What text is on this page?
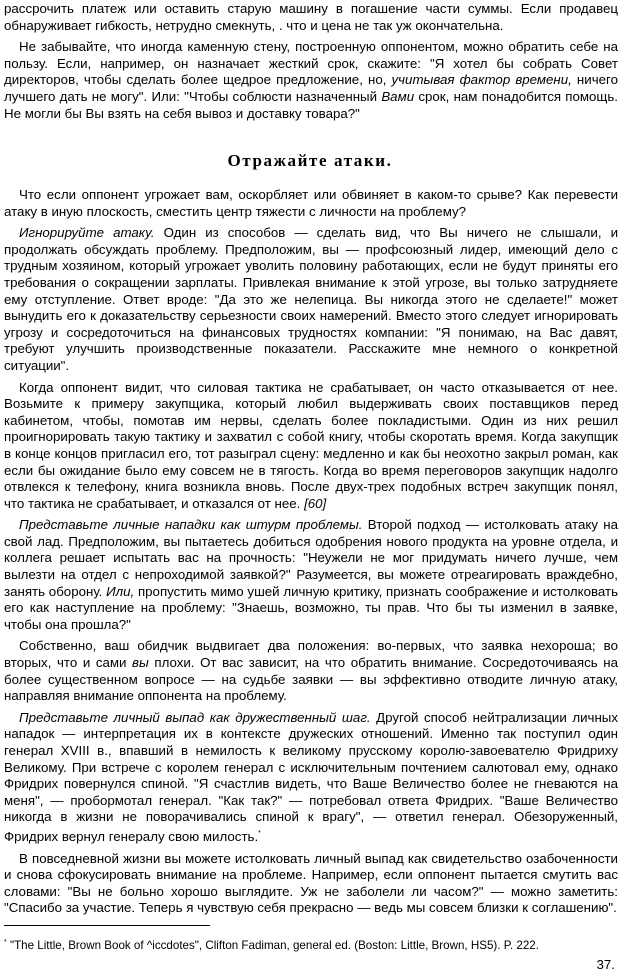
рассрочить платеж или оставить старую машину в погашение части суммы. Если продавец обнаруживает гибкость, нетрудно смекнуть, . что и цена не так уж окончательна.

Не забывайте, что иногда каменную стену, построенную оппонентом, можно обратить себе на пользу. Если, например, он назначает жесткий срок, скажите: "Я хотел бы собрать Совет директоров, чтобы сделать более щедрое предложение, но, учитывая фактор времени, ничего лучшего дать не могу". Или: "Чтобы соблюсти назначенный Вами срок, нам понадобится помощь. Не могли бы Вы взять на себя вывоз и доставку товара?"

Отражайте атаки.

Что если оппонент угрожает вам, оскорбляет или обвиняет в каком-то срыве? Как перевести атаку в иную плоскость, сместить центр тяжести с личности на проблему?

Игнорируйте атаку. Один из способов — сделать вид, что Вы ничего не слышали, и продолжать обсуждать проблему. Предположим, вы — профсоюзный лидер, имеющий дело с трудным хозяином, который угрожает уволить половину работающих, если не будут приняты его требования о сокращении зарплаты. Привлекая внимание к этой угрозе, вы только затрудняете ему отступление. Ответ вроде: "Да это же нелепица. Вы никогда этого не сделаете!" может вынудить его к доказательству серьезности своих намерений. Вместо этого следует игнорировать угрозу и сосредоточиться на финансовых трудностях компании: "Я понимаю, на Вас давят, требуют улучшить производственные показатели. Расскажите мне немного о конкретной ситуации".

Когда оппонент видит, что силовая тактика не срабатывает, он часто отказывается от нее. Возьмите к примеру закупщика, который любил выдерживать своих поставщиков перед кабинетом, чтобы, помотав им нервы, сделать более покладистыми. Один из них решил проигнорировать такую тактику и захватил с собой книгу, чтобы скоротать время. Когда закупщик в конце концов пригласил его, тот разыграл сцену: медленно и как бы неохотно закрыл роман, как если бы ожидание было ему совсем не в тягость. Когда во время переговоров закупщик надолго отвлекся к телефону, книга возникла вновь. После двух-трех подобных встреч закупщик понял, что тактика не срабатывает, и отказался от нее. [60]

Представьте личные нападки как штурм проблемы. Второй подход — истолковать атаку на свой лад. Предположим, вы пытаетесь добиться одобрения нового продукта на уровне отдела, и коллега решает испытать вас на прочность: "Неужели не мог придумать ничего лучше, чем вылезти на отдел с непроходимой заявкой?" Разумеется, вы можете отреагировать враждебно, занять оборону. Или, пропустить мимо ушей личную критику, признать соображение и истолковать его как наступление на проблему: "Знаешь, возможно, ты прав. Что бы ты изменил в заявке, чтобы она прошла?"

Собственно, ваш обидчик выдвигает два положения: во-первых, что заявка нехороша; во вторых, что и сами вы плохи. От вас зависит, на что обратить внимание. Сосредоточиваясь на более существенном вопросе — на судьбе заявки — вы эффективно отводите личную атаку, направляя внимание оппонента на проблему.

Представьте личный выпад как дружественный шаг. Другой способ нейтрализации личных нападок — интерпретация их в контексте дружеских отношений. Именно так поступил один генерал XVIII в., впавший в немилость к великому прусскому королю-завоевателю Фридриху Великому. При встрече с королем генерал с исключительным почтением салютовал ему, однако Фридрих повернулся спиной. "Я счастлив видеть, что Ваше Величество более не гневаются на меня", — пробормотал генерал. "Как так?" — потребовал ответа Фридрих. "Ваше Величество никогда в жизни не поворачивались спиной к врагу", — ответил генерал. Обезоруженный, Фридрих вернул генералу свою милость.*

В повседневной жизни вы можете истолковать личный выпад как свидетельство озабоченности и снова сфокусировать внимание на проблеме. Например, если оппонент пытается смутить вас словами: "Вы не больно хорошо выглядите. Уж не заболели ли часом?" — можно заметить: "Спасибо за участие. Теперь я чувствую себя прекрасно — ведь мы совсем близки к соглашению".

* "The Little, Brown Book of ^iccdotes", Clifton Fadiman, general ed. (Boston: Little, Brown, HS5). P. 222.
37.
